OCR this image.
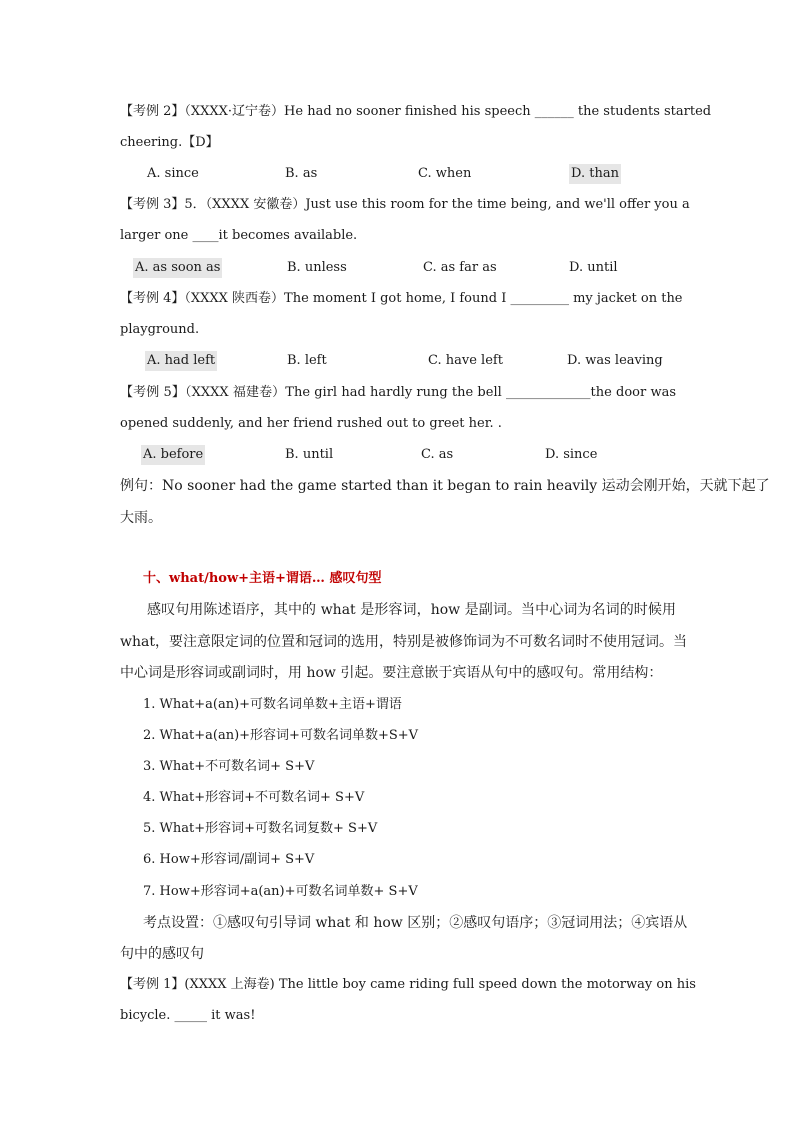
【考例 2】（XXXX·辽宁卷）He had no sooner finished his speech ______ the students started
cheering.【D】
A. since	B. as	C. when	D. than
【考例 3】5．（XXXX 安徽卷）Just use this room for the time being, and we'll offer you a
larger one ____it becomes available.
A. as soon as	B. unless	C. as far as	D. until
【考例 4】（XXXX 陕西卷）The moment I got home, I found I _________ my jacket on the
playground.
A. had left	B. left	C. have left	D. was leaving
【考例 5】（XXXX 福建卷）The girl had hardly rung the bell _____________the door was
opened suddenly, and her friend rushed out to greet her. .
A. before	B. until	C. as	D. since
例句：No sooner had the game started than it began to rain heavily 运动会刚开始，天就下起了
大雨。
十、what/how+主语+谓语… 感叹句型
感叹句用陈述语序，其中的 what 是形容词，how 是副词。当中心词为名词的时候用
what，要注意限定词的位置和冠词的选用，特别是被修饰词为不可数名词时不使用冠词。当
中心词是形容词或副词时，用 how 引起。要注意嵌于宾语从句中的感叹句。常用结构：
1. What+a(an)+可数名词单数+主语+谓语
2. What+a(an)+形容词+可数名词单数+S+V
3. What+不可数名词+ S+V
4. What+形容词+不可数名词+ S+V
5. What+形容词+可数名词复数+ S+V
6. How+形容词/副词+ S+V
7. How+形容词+a(an)+可数名词单数+ S+V
考点设置：①感叹句引导词 what 和 how 区别；②感叹句语序；③冠词用法；④宾语从
句中的感叹句
【考例 1】(XXXX 上海卷) The little boy came riding full speed down the motorway on his
bicycle. _____ it was!
